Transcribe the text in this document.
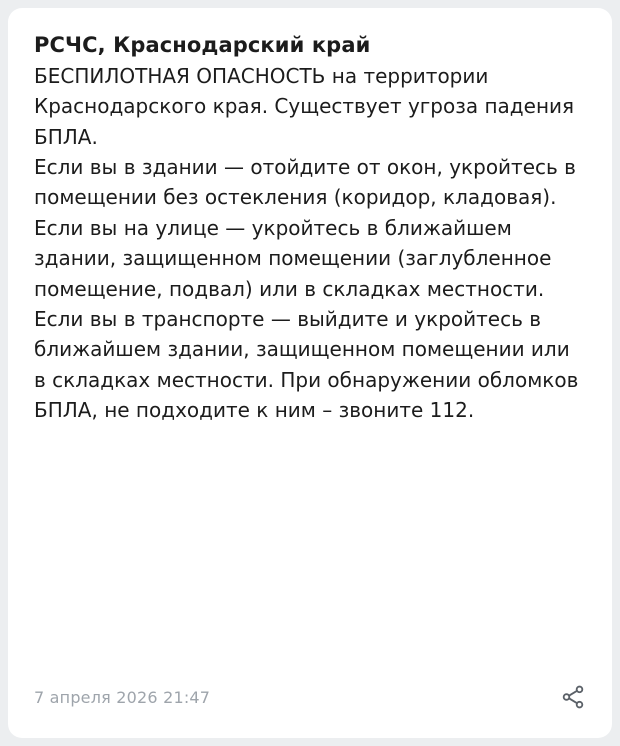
РСЧС, Краснодарский край

БЕСПИЛОТНАЯ ОПАСНОСТЬ на территории Краснодарского края. Существует угроза падения БПЛА.

Если вы в здании — отойдите от окон, укройтесь в помещении без остекления (коридор, кладовая).

Если вы на улице — укройтесь в ближайшем здании, защищенном помещении (заглубленное помещение, подвал) или в складках местности.

Если вы в транспорте — выйдите и укройтесь в ближайшем здании, защищенном помещении или в складках местности. При обнаружении обломков БПЛА, не подходите к ним – звоните 112.

7 апреля 2026 21:47
